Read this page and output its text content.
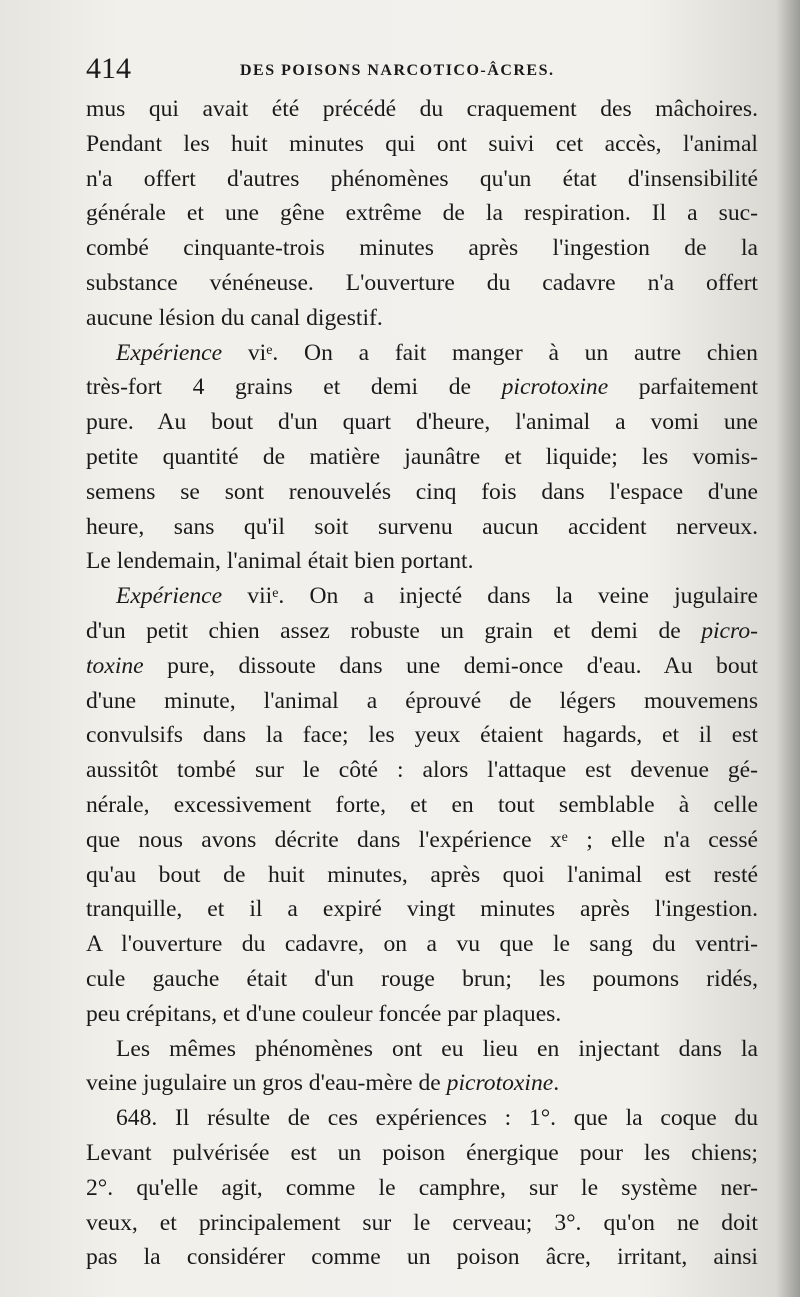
414	DES POISONS NARCOTICO-ÂCRES.
mus qui avait été précédé du craquement des mâchoires.
Pendant les huit minutes qui ont suivi cet accès, l'animal
n'a offert d'autres phénomènes qu'un état d'insensibilité
générale et une gêne extrême de la respiration. Il a suc-
combé cinquante-trois minutes après l'ingestion de la
substance vénéneuse. L'ouverture du cadavre n'a offert
aucune lésion du canal digestif.
Expérience $vi^e$. On a fait manger à un autre chien
très-fort 4 grains et demi de picrotoxine parfaitement
pure. Au bout d'un quart d'heure, l'animal a vomi une
petite quantité de matière jaunâtre et liquide; les vomis-
semens se sont renouvelés cinq fois dans l'espace d'une
heure, sans qu'il soit survenu aucun accident nerveux.
Le lendemain, l'animal était bien portant.
Expérience vii$^e$. On a injecté dans la veine jugulaire
d'un petit chien assez robuste un grain et demi de picro-
toxine pure, dissoute dans une demi-once d'eau. Au bout
d'une minute, l'animal a éprouvé de légers mouvemens
convulsifs dans la face; les yeux étaient hagards, et il est
aussitôt tombé sur le côté : alors l'attaque est devenue gé-
nérale, excessivement forte, et en tout semblable à celle
que nous avons décrite dans l'expérience $x^e$ ; elle n'a cessé
qu'au bout de huit minutes, après quoi l'animal est resté
tranquille, et il a expiré vingt minutes après l'ingestion.
A l'ouverture du cadavre, on a vu que le sang du ventri-
cule gauche était d'un rouge brun; les poumons ridés,
peu crépitans, et d'une couleur foncée par plaques.
Les mêmes phénomènes ont eu lieu en injectant dans la
veine jugulaire un gros d'eau-mère de picrotoxine.
648. Il résulte de ces expériences : 1°. que la coque du
Levant pulvérisée est un poison énergique pour les chiens;
2°. qu'elle agit, comme le camphre, sur le système ner-
veux, et principalement sur le cerveau; 3°. qu'on ne doit
pas la considérer comme un poison âcre, irritant, ainsi
